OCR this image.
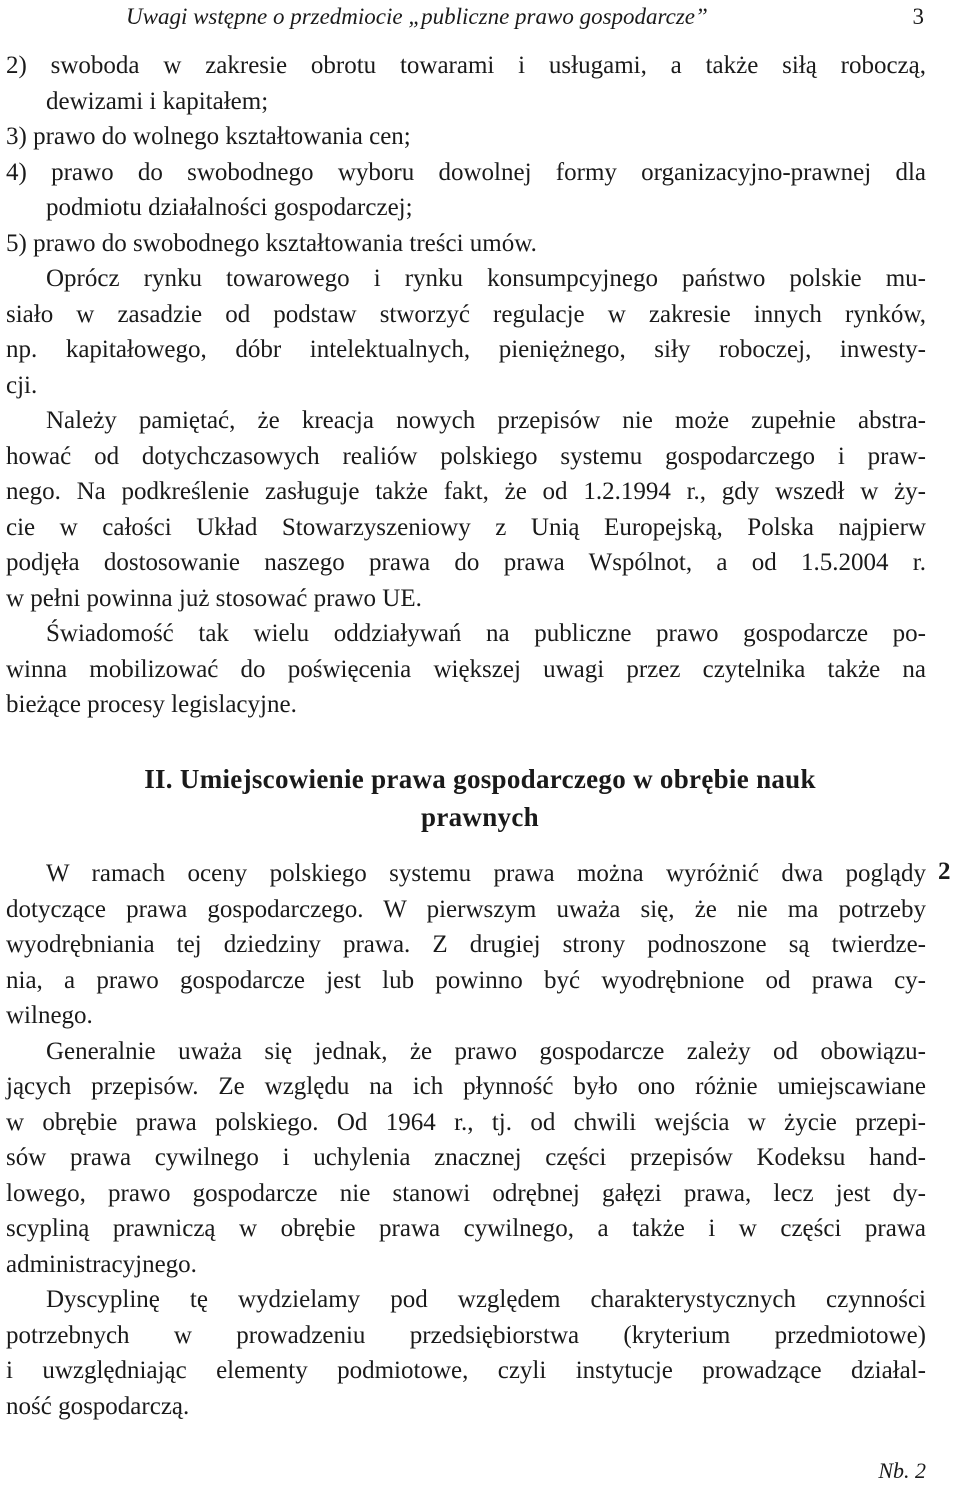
Uwagi wstępne o przedmiocie „publiczne prawo gospodarcze”	3
2) swoboda w zakresie obrotu towarami i usługami, a także siłą roboczą,
dewizami i kapitałem;
3) prawo do wolnego kształtowania cen;
4) prawo do swobodnego wyboru dowolnej formy organizacyjno-prawnej dla
podmiotu działalności gospodarczej;
5) prawo do swobodnego kształtowania treści umów.
Oprócz rynku towarowego i rynku konsumpcyjnego państwo polskie mu-
siało w zasadzie od podstaw stworzyć regulacje w zakresie innych rynków,
np. kapitałowego, dóbr intelektualnych, pieniężnego, siły roboczej, inwesty-
cji.
Należy pamiętać, że kreacja nowych przepisów nie może zupełnie abstra-
hować od dotychczasowych realiów polskiego systemu gospodarczego i praw-
nego. Na podkreślenie zasługuje także fakt, że od 1.2.1994 r., gdy wszedł w ży-
cie w całości Układ Stowarzyszeniowy z Unią Europejską, Polska najpierw
podjęła dostosowanie naszego prawa do prawa Wspólnot, a od 1.5.2004 r.
w pełni powinna już stosować prawo UE.
Świadomość tak wielu oddziaływań na publiczne prawo gospodarcze po-
winna mobilizować do poświęcenia większej uwagi przez czytelnika także na
bieżące procesy legislacyjne.
II. Umiejscowienie prawa gospodarczego w obrębie nauk
prawnych
2
W ramach oceny polskiego systemu prawa można wyróżnić dwa poglądy
dotyczące prawa gospodarczego. W pierwszym uważa się, że nie ma potrzeby
wyodrębniania tej dziedziny prawa. Z drugiej strony podnoszone są twierdze-
nia, a prawo gospodarcze jest lub powinno być wyodrębnione od prawa cy-
wilnego.
Generalnie uważa się jednak, że prawo gospodarcze zależy od obowiązu-
jących przepisów. Ze względu na ich płynność było ono różnie umiejscawiane
w obrębie prawa polskiego. Od 1964 r., tj. od chwili wejścia w życie przepi-
sów prawa cywilnego i uchylenia znacznej części przepisów Kodeksu hand-
lowego, prawo gospodarcze nie stanowi odrębnej gałęzi prawa, lecz jest dy-
scypliną prawniczą w obrębie prawa cywilnego, a także i w części prawa
administracyjnego.
Dyscyplinę tę wydzielamy pod względem charakterystycznych czynności
potrzebnych w prowadzeniu przedsiębiorstwa (kryterium przedmiotowe)
i uwzględniając elementy podmiotowe, czyli instytucje prowadzące działal-
ność gospodarczą.
Nb. 2
